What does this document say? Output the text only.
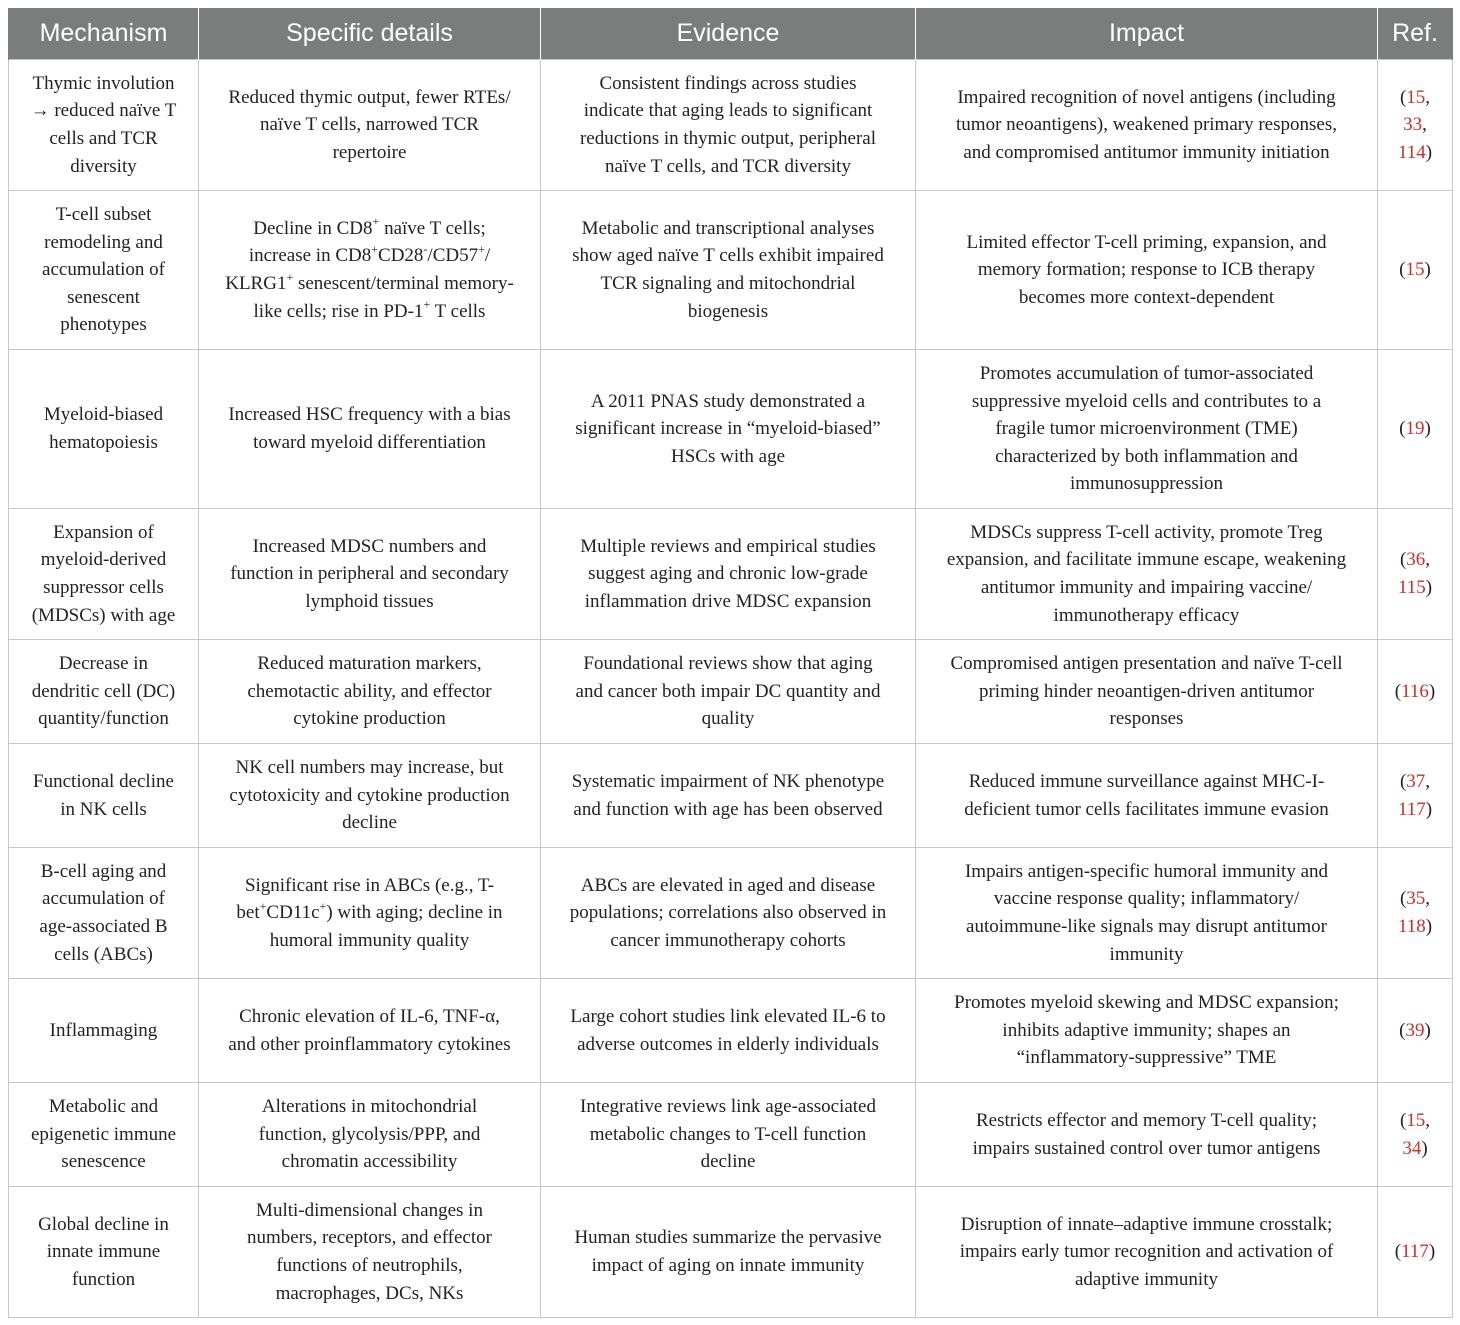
Mechanism	Specific details	Evidence	Impact	Ref.
Thymic involution
→ reduced naïve T
cells and TCR
diversity	Reduced thymic output, fewer RTEs/
naïve T cells, narrowed TCR
repertoire	Consistent findings across studies
indicate that aging leads to significant
reductions in thymic output, peripheral
naïve T cells, and TCR diversity	Impaired recognition of novel antigens (including
tumor neoantigens), weakened primary responses,
and compromised antitumor immunity initiation	(15,
33,
114)
T-cell subset
remodeling and
accumulation of
senescent
phenotypes	Decline in CD8+ naïve T cells;
increase in CD8+CD28-/CD57+/
KLRG1+ senescent/terminal memory-
like cells; rise in PD-1+ T cells	Metabolic and transcriptional analyses
show aged naïve T cells exhibit impaired
TCR signaling and mitochondrial
biogenesis	Limited effector T-cell priming, expansion, and
memory formation; response to ICB therapy
becomes more context-dependent	(15)
Myeloid-biased
hematopoiesis	Increased HSC frequency with a bias
toward myeloid differentiation	A 2011 PNAS study demonstrated a
significant increase in “myeloid-biased”
HSCs with age	Promotes accumulation of tumor-associated
suppressive myeloid cells and contributes to a
fragile tumor microenvironment (TME)
characterized by both inflammation and
immunosuppression	(19)
Expansion of
myeloid-derived
suppressor cells
(MDSCs) with age	Increased MDSC numbers and
function in peripheral and secondary
lymphoid tissues	Multiple reviews and empirical studies
suggest aging and chronic low-grade
inflammation drive MDSC expansion	MDSCs suppress T-cell activity, promote Treg
expansion, and facilitate immune escape, weakening
antitumor immunity and impairing vaccine/
immunotherapy efficacy	(36,
115)
Decrease in
dendritic cell (DC)
quantity/function	Reduced maturation markers,
chemotactic ability, and effector
cytokine production	Foundational reviews show that aging
and cancer both impair DC quantity and
quality	Compromised antigen presentation and naïve T-cell
priming hinder neoantigen-driven antitumor
responses	(116)
Functional decline
in NK cells	NK cell numbers may increase, but
cytotoxicity and cytokine production
decline	Systematic impairment of NK phenotype
and function with age has been observed	Reduced immune surveillance against MHC-I-
deficient tumor cells facilitates immune evasion	(37,
117)
B-cell aging and
accumulation of
age-associated B
cells (ABCs)	Significant rise in ABCs (e.g., T-
bet+CD11c+) with aging; decline in
humoral immunity quality	ABCs are elevated in aged and disease
populations; correlations also observed in
cancer immunotherapy cohorts	Impairs antigen-specific humoral immunity and
vaccine response quality; inflammatory/
autoimmune-like signals may disrupt antitumor
immunity	(35,
118)
Inflammaging	Chronic elevation of IL-6, TNF-α,
and other proinflammatory cytokines	Large cohort studies link elevated IL-6 to
adverse outcomes in elderly individuals	Promotes myeloid skewing and MDSC expansion;
inhibits adaptive immunity; shapes an
“inflammatory-suppressive” TME	(39)
Metabolic and
epigenetic immune
senescence	Alterations in mitochondrial
function, glycolysis/PPP, and
chromatin accessibility	Integrative reviews link age-associated
metabolic changes to T-cell function
decline	Restricts effector and memory T-cell quality;
impairs sustained control over tumor antigens	(15,
34)
Global decline in
innate immune
function	Multi-dimensional changes in
numbers, receptors, and effector
functions of neutrophils,
macrophages, DCs, NKs	Human studies summarize the pervasive
impact of aging on innate immunity	Disruption of innate–adaptive immune crosstalk;
impairs early tumor recognition and activation of
adaptive immunity	(117)
